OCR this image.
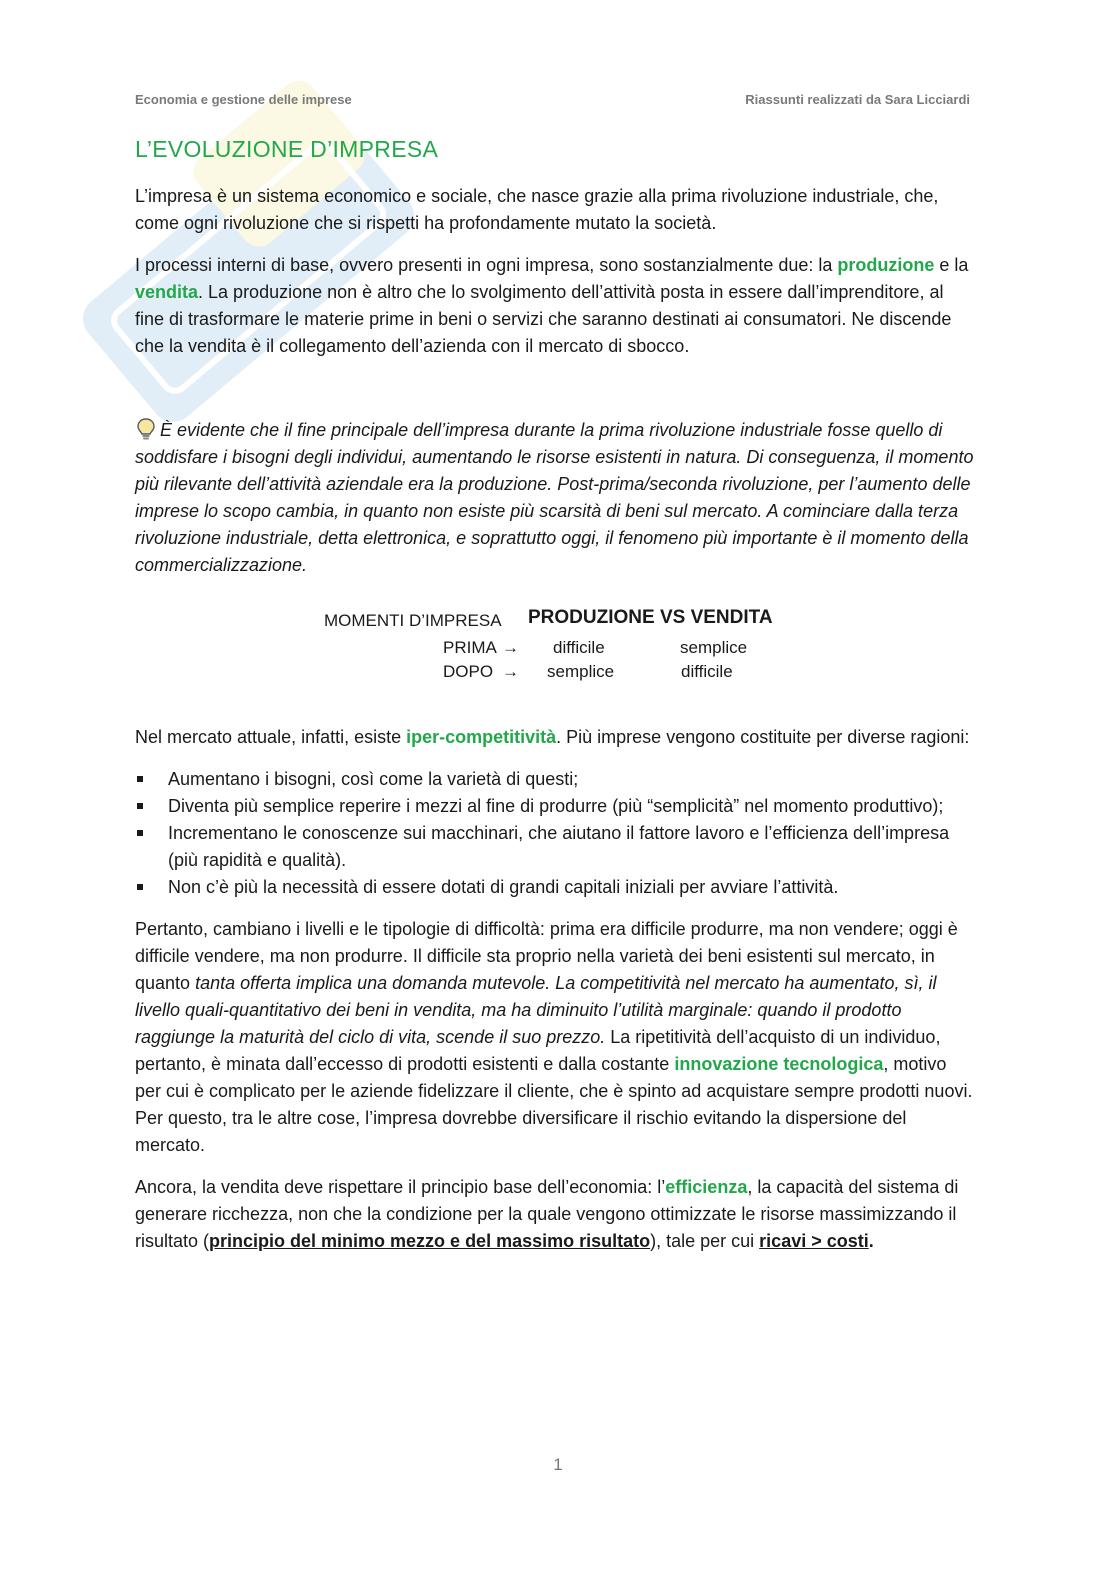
Economia e gestione delle imprese	Riassunti realizzati da Sara Licciardi
L’EVOLUZIONE D’IMPRESA

L’impresa è un sistema economico e sociale, che nasce grazie alla prima rivoluzione industriale, che, come ogni rivoluzione che si rispetti ha profondamente mutato la società.

I processi interni di base, ovvero presenti in ogni impresa, sono sostanzialmente due: la produzione e la vendita. La produzione non è altro che lo svolgimento dell’attività posta in essere dall’imprenditore, al fine di trasformare le materie prime in beni o servizi che saranno destinati ai consumatori. Ne discende che la vendita è il collegamento dell’azienda con il mercato di sbocco.

È evidente che il fine principale dell’impresa durante la prima rivoluzione industriale fosse quello di soddisfare i bisogni degli individui, aumentando le risorse esistenti in natura. Di conseguenza, il momento più rilevante dell’attività aziendale era la produzione. Post-prima/seconda rivoluzione, per l’aumento delle imprese lo scopo cambia, in quanto non esiste più scarsità di beni sul mercato. A cominciare dalla terza rivoluzione industriale, detta elettronica, e soprattutto oggi, il fenomeno più importante è il momento della commercializzazione.

MOMENTI D’IMPRESA PRODUZIONE VS VENDITA
PRIMA → difficile	semplice
DOPO → semplice	difficile

Nel mercato attuale, infatti, esiste iper-competitività. Più imprese vengono costituite per diverse ragioni:

Aumentano i bisogni, così come la varietà di questi;
Diventa più semplice reperire i mezzi al fine di produrre (più “semplicità” nel momento produttivo);
Incrementano le conoscenze sui macchinari, che aiutano il fattore lavoro e l’efficienza dell’impresa (più rapidità e qualità).
Non c’è più la necessità di essere dotati di grandi capitali iniziali per avviare l’attività.

Pertanto, cambiano i livelli e le tipologie di difficoltà: prima era difficile produrre, ma non vendere; oggi è difficile vendere, ma non produrre. Il difficile sta proprio nella varietà dei beni esistenti sul mercato, in quanto tanta offerta implica una domanda mutevole. La competitività nel mercato ha aumentato, sì, il livello quali-quantitativo dei beni in vendita, ma ha diminuito l’utilità marginale: quando il prodotto raggiunge la maturità del ciclo di vita, scende il suo prezzo. La ripetitività dell’acquisto di un individuo, pertanto, è minata dall’eccesso di prodotti esistenti e dalla costante innovazione tecnologica, motivo per cui è complicato per le aziende fidelizzare il cliente, che è spinto ad acquistare sempre prodotti nuovi. Per questo, tra le altre cose, l’impresa dovrebbe diversificare il rischio evitando la dispersione del mercato.

Ancora, la vendita deve rispettare il principio base dell’economia: l’efficienza, la capacità del sistema di generare ricchezza, non che la condizione per la quale vengono ottimizzate le risorse massimizzando il risultato (principio del minimo mezzo e del massimo risultato), tale per cui ricavi > costi.

1
